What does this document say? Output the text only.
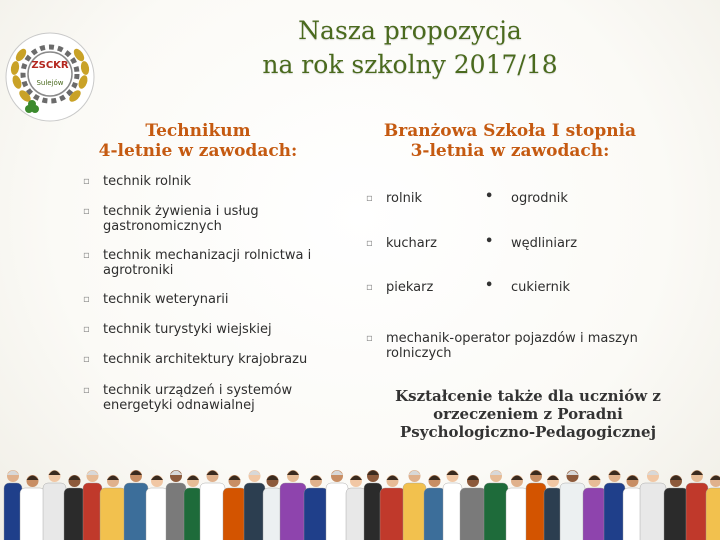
ZSCKR
Sulejów
Nasza propozycja
na rok szkolny 2017/18
Technikum
4-letnie w zawodach:
Branżowa Szkoła I stopnia
3-letnia w zawodach:
▫ technik rolnik
▫ technik żywienia i usług gastronomicznych
▫ technik mechanizacji rolnictwa i agrotroniki
▫ technik weterynarii
▫ technik turystyki wiejskiej
▫ technik architektury krajobrazu
▫ technik urządzeń i systemów energetyki odnawialnej
▫ rolnik
▫ kucharz
▫ piekarz
• ogrodnik
• wędliniarz
• cukiernik
▫ mechanik-operator pojazdów i maszyn rolniczych
Kształcenie także dla uczniów z orzeczeniem z Poradni Psychologiczno-Pedagogicznej
